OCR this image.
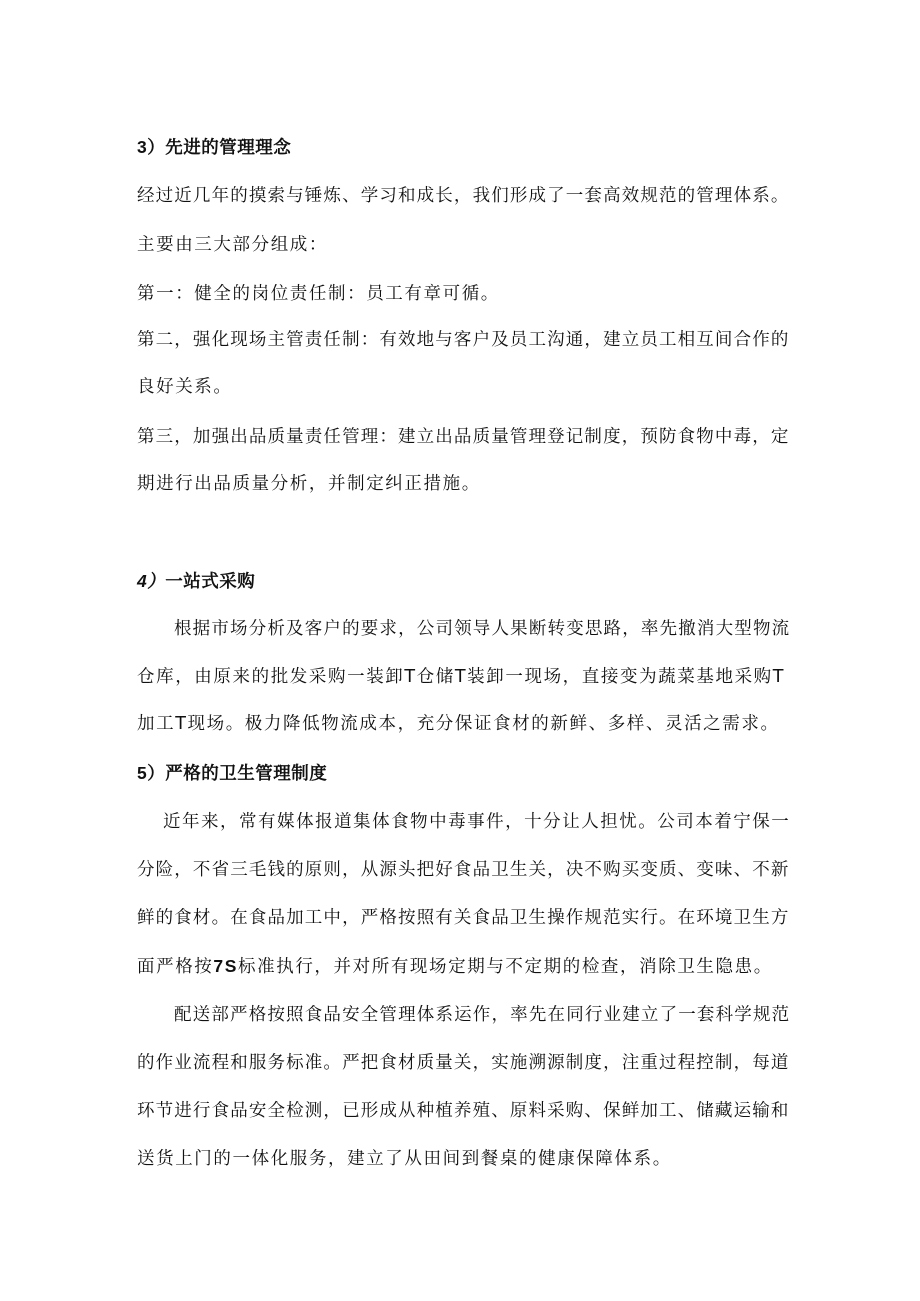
3）先进的管理理念
经过近几年的摸索与锤炼、学习和成长，我们形成了一套高效规范的管理体系。
主要由三大部分组成：
第一：健全的岗位责任制：员工有章可循。
第二，强化现场主管责任制：有效地与客户及员工沟通，建立员工相互间合作的
良好关系。
第三，加强出品质量责任管理：建立出品质量管理登记制度，预防食物中毒，定
期进行出品质量分析，并制定纠正措施。
4）一站式采购
根据市场分析及客户的要求，公司领导人果断转变思路，率先撤消大型物流
仓库，由原来的批发采购一装卸T仓储T装卸一现场，直接变为蔬菜基地采购T
加工T现场。极力降低物流成本，充分保证食材的新鲜、多样、灵活之需求。
5）严格的卫生管理制度
近年来，常有媒体报道集体食物中毒事件，十分让人担忧。公司本着宁保一
分险，不省三毛钱的原则，从源头把好食品卫生关，决不购买变质、变味、不新
鲜的食材。在食品加工中，严格按照有关食品卫生操作规范实行。在环境卫生方
面严格按7S标准执行，并对所有现场定期与不定期的检查，消除卫生隐患。
配送部严格按照食品安全管理体系运作，率先在同行业建立了一套科学规范
的作业流程和服务标准。严把食材质量关，实施溯源制度，注重过程控制，每道
环节进行食品安全检测，已形成从种植养殖、原料采购、保鲜加工、储藏运输和
送货上门的一体化服务，建立了从田间到餐桌的健康保障体系。
